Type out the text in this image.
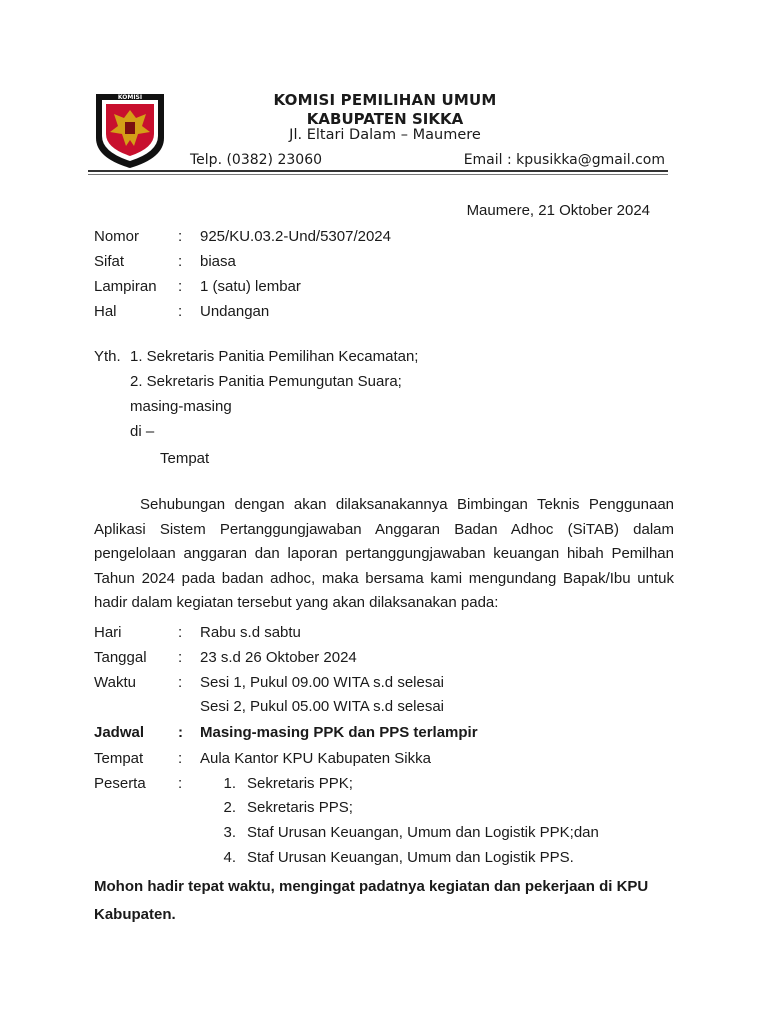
KOMISI	KOMISI PEMILIHAN UMUM
KABUPATEN SIKKA
Jl. Eltari Dalam – Maumere
Telp. (0382) 23060	Email : kpusikka@gmail.com
Maumere, 21 Oktober 2024
Nomor	: 925/KU.03.2-Und/5307/2024
Sifat	: biasa
Lampiran : 1 (satu) lembar
Hal	: Undangan
Yth. 1. Sekretaris Panitia Pemilihan Kecamatan;
2. Sekretaris Panitia Pemungutan Suara;
masing-masing
di –
Tempat
Sehubungan dengan akan dilaksanakannya Bimbingan Teknis Penggunaan Aplikasi Sistem Pertanggungjawaban Anggaran Badan Adhoc (SiTAB) dalam pengelolaan anggaran dan laporan pertanggungjawaban keuangan hibah Pemilhan Tahun 2024 pada badan adhoc, maka bersama kami mengundang Bapak/Ibu untuk hadir dalam kegiatan tersebut yang akan dilaksanakan pada:
Hari	: Rabu s.d sabtu
Tanggal : 23 s.d 26 Oktober 2024
Waktu	: Sesi 1, Pukul 09.00 WITA s.d selesai
Sesi 2, Pukul 05.00 WITA s.d selesai
Jadwal : Masing-masing PPK dan PPS terlampir
Tempat : Aula Kantor KPU Kabupaten Sikka
Peserta :	1. Sekretaris PPK;
2. Sekretaris PPS;
3. Staf Urusan Keuangan, Umum dan Logistik PPK;dan
4. Staf Urusan Keuangan, Umum dan Logistik PPS.
Mohon hadir tepat waktu, mengingat padatnya kegiatan dan pekerjaan di KPU Kabupaten.
